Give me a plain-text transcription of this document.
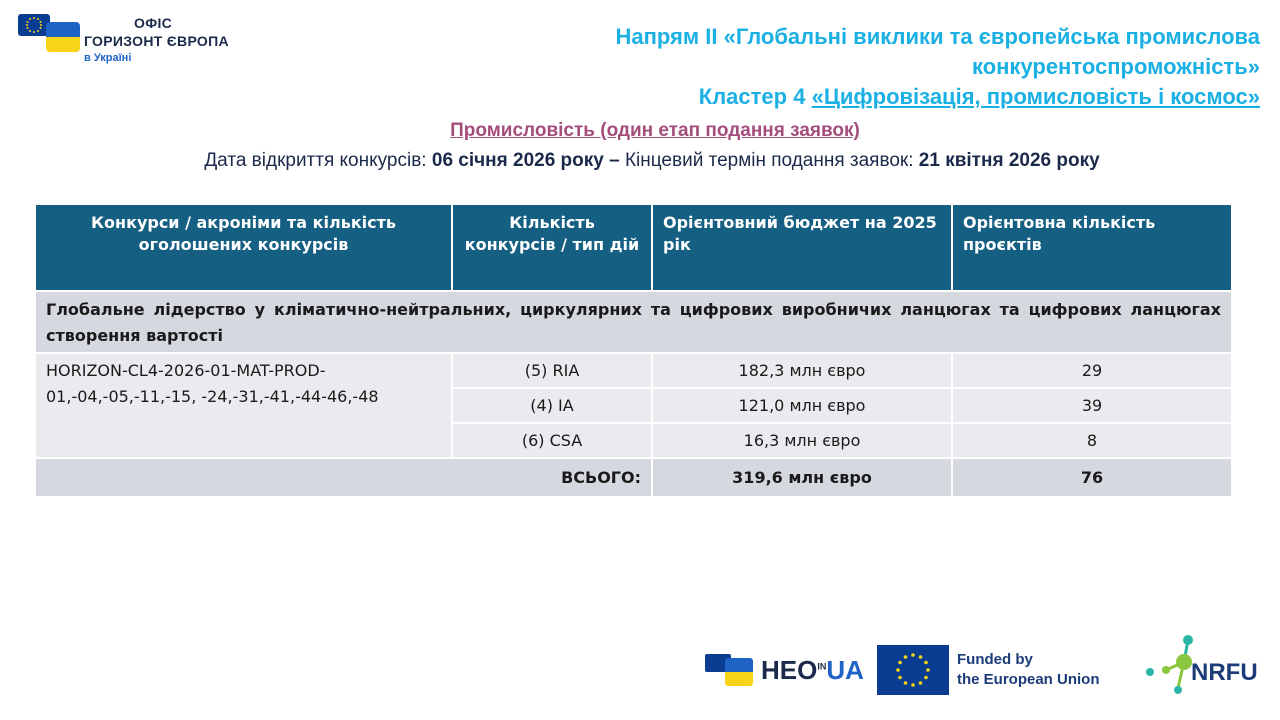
ОФІС
ГОРИЗОНТ ЄВРОПА
в Україні
Напрям II «Глобальні виклики та європейська промислова
конкурентоспроможність»
Кластер 4 «Цифровізація, промисловість і космос»
Промисловість (один етап подання заявок)
Дата відкриття конкурсів: 06 січня 2026 року – Кінцевий термін подання заявок: 21 квітня 2026 року
Конкурси / акроніми та кількість оголошених конкурсів	Кількість конкурсів / тип дій	Орієнтовний бюджет на 2025 рік	Орієнтовна кількість проєктів
Глобальне лідерство у кліматично-нейтральних, циркулярних та цифрових виробничих ланцюгах та цифрових ланцюгах створення вартості			
HORIZON-CL4-2026-01-MAT-PROD-01,-04,-05,-11,-15, -24,-31,-41,-44-46,-48	(5) RIA	182,3 млн євро	29
	(4) IA	121,0 млн євро	39
	(6) CSA	16,3 млн євро	8
ВСЬОГО:		319,6 млн євро	76
$HEO^{IN}UA$	Funded by
the European Union	NRFU
